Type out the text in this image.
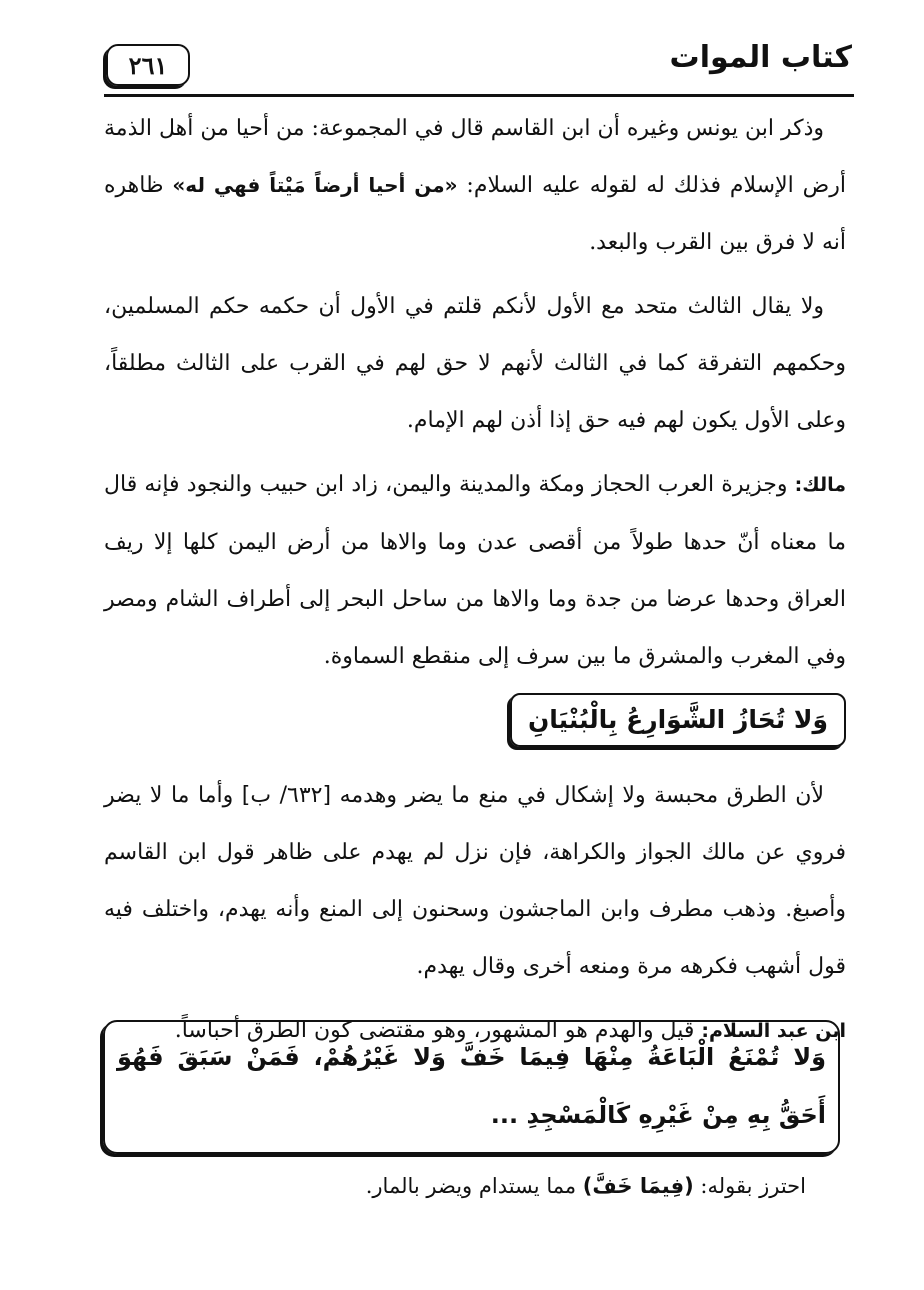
كتاب الموات
٢٦١

وذكر ابن يونس وغيره أن ابن القاسم قال في المجموعة: من أحيا من أهل الذمة أرض الإسلام فذلك له لقوله عليه السلام: «من أحيا أرضاً مَيْتاً فهي له» ظاهره أنه لا فرق بين القرب والبعد.

ولا يقال الثالث متحد مع الأول لأنكم قلتم في الأول أن حكمه حكم المسلمين، وحكمهم التفرقة كما في الثالث لأنهم لا حق لهم في القرب على الثالث مطلقاً، وعلى الأول يكون لهم فيه حق إذا أذن لهم الإمام.

مالك: وجزيرة العرب الحجاز ومكة والمدينة واليمن، زاد ابن حبيب والنجود فإنه قال ما معناه أنّ حدها طولاً من أقصى عدن وما والاها من أرض اليمن كلها إلا ريف العراق وحدها عرضا من جدة وما والاها من ساحل البحر إلى أطراف الشام ومصر وفي المغرب والمشرق ما بين سرف إلى منقطع السماوة.

وَلا تُحَازُ الشَّوَارِعُ بِالْبُنْيَانِ

لأن الطرق محبسة ولا إشكال في منع ما يضر وهدمه [٦٣٢/ ب] وأما ما لا يضر فروي عن مالك الجواز والكراهة، فإن نزل لم يهدم على ظاهر قول ابن القاسم وأصبغ. وذهب مطرف وابن الماجشون وسحنون إلى المنع وأنه يهدم، واختلف فيه قول أشهب فكرهه مرة ومنعه أخرى وقال يهدم.

ابن عبد السلام: قيل والهدم هو المشهور، وهو مقتضى كون الطرق أحباساً.

وَلا تُمْنَعُ الْبَاعَةُ مِنْهَا فِيمَا خَفَّ وَلا غَيْرُهُمْ، فَمَنْ سَبَقَ فَهُوَ أَحَقُّ بِهِ مِنْ غَيْرِهِ كَالْمَسْجِدِ ...
احترز بقوله: (فِيمَا خَفَّ) مما يستدام ويضر بالمار.
